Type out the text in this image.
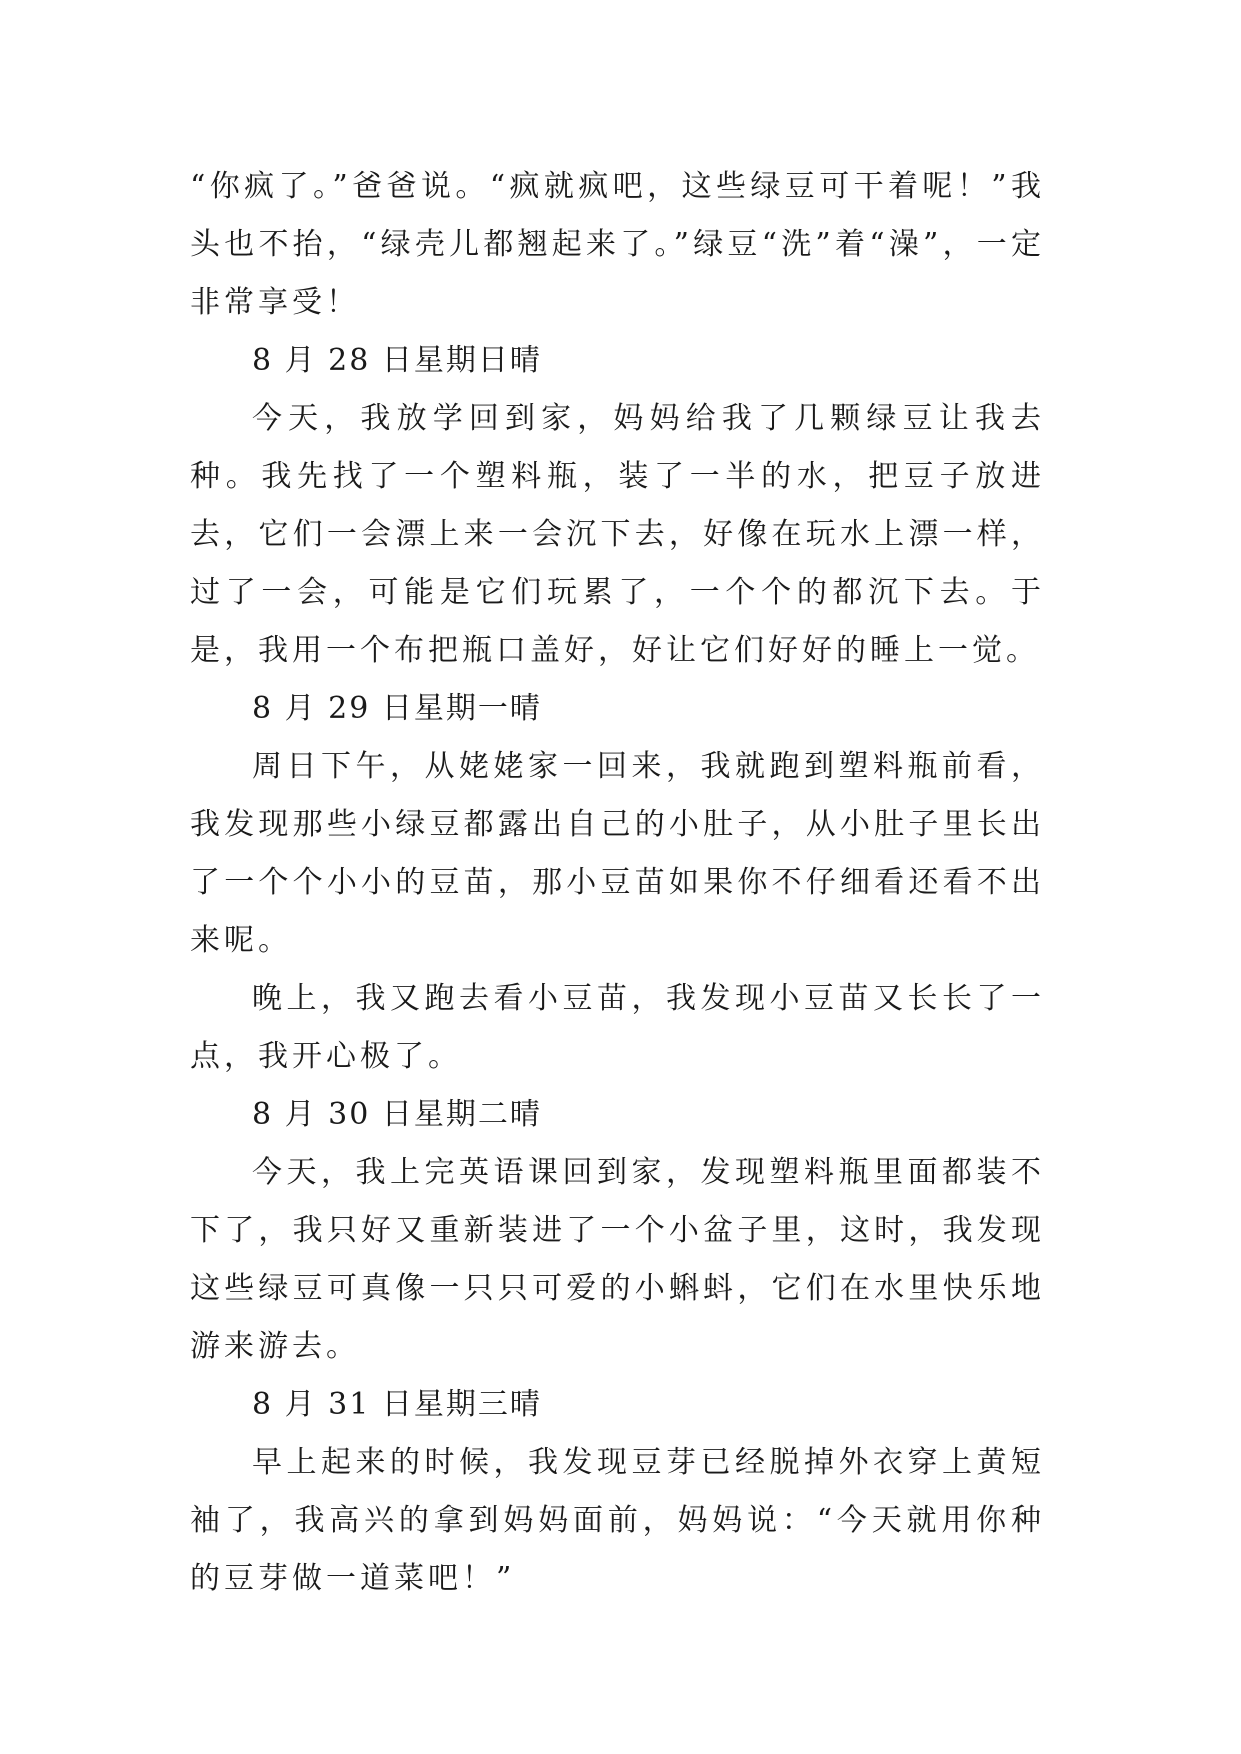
“你疯了。”爸爸说。“疯就疯吧，这些绿豆可干着呢！”我头也不抬，“绿壳儿都翘起来了。”绿豆“洗”着“澡”，一定非常享受！

8 月 28 日星期日晴

今天，我放学回到家，妈妈给我了几颗绿豆让我去种。我先找了一个塑料瓶，装了一半的水，把豆子放进去，它们一会漂上来一会沉下去，好像在玩水上漂一样，过了一会，可能是它们玩累了，一个个的都沉下去。于是，我用一个布把瓶口盖好，好让它们好好的睡上一觉。

8 月 29 日星期一晴

周日下午，从姥姥家一回来，我就跑到塑料瓶前看，我发现那些小绿豆都露出自己的小肚子，从小肚子里长出了一个个小小的豆苗，那小豆苗如果你不仔细看还看不出来呢。

晚上，我又跑去看小豆苗，我发现小豆苗又长长了一点，我开心极了。

8 月 30 日星期二晴

今天，我上完英语课回到家，发现塑料瓶里面都装不下了，我只好又重新装进了一个小盆子里，这时，我发现这些绿豆可真像一只只可爱的小蝌蚪，它们在水里快乐地游来游去。

8 月 31 日星期三晴

早上起来的时候，我发现豆芽已经脱掉外衣穿上黄短袖了，我高兴的拿到妈妈面前，妈妈说：“今天就用你种的豆芽做一道菜吧！”
